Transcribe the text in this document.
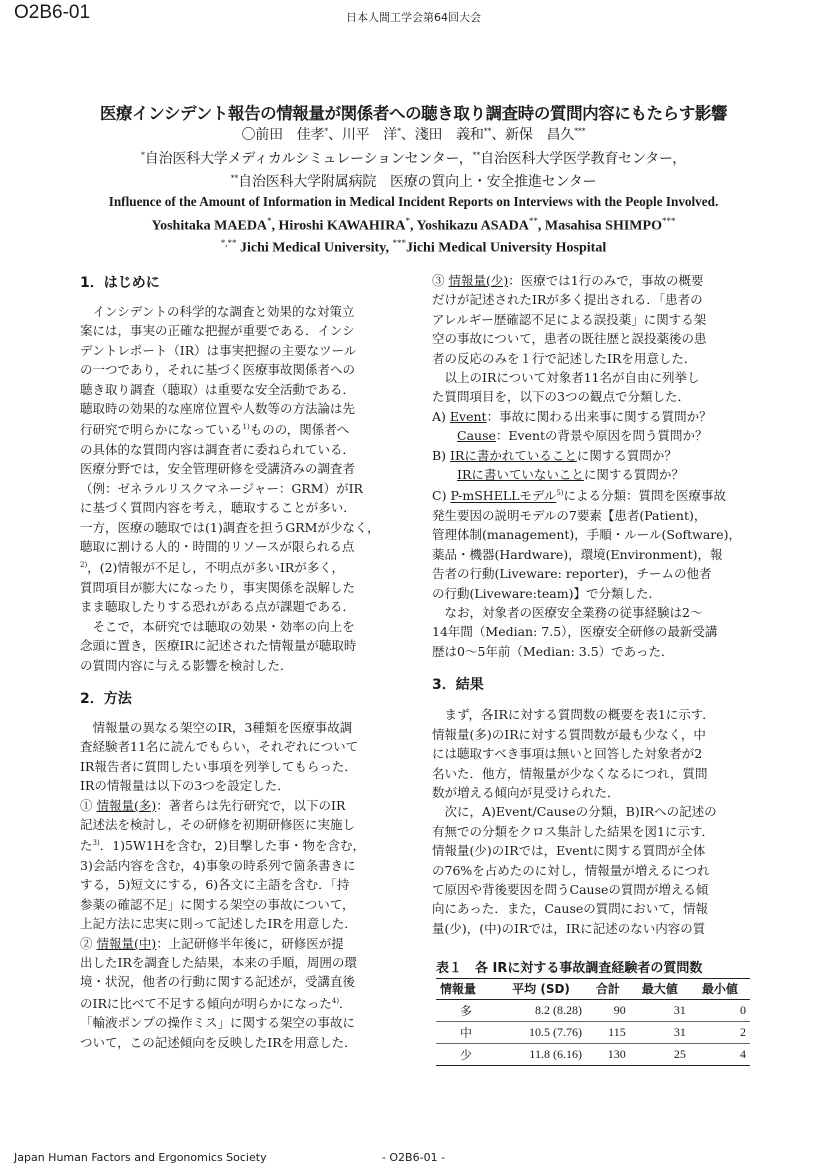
O2B6-01	日本人間工学会第64回大会
医療インシデント報告の情報量が関係者への聴き取り調査時の質問内容にもたらす影響
〇前田　佳孝*、川平　洋*、淺田　義和**、新保　昌久***
*自治医科大学メディカルシミュレーションセンター，**自治医科大学医学教育センター，
**自治医科大学附属病院　医療の質向上・安全推進センター
Influence of the Amount of Information in Medical Incident Reports on Interviews with the People Involved.
Yoshitaka MAEDA*, Hiroshi KAWAHIRA*, Yoshikazu ASADA**, Masahisa SHIMPO***
*,** Jichi Medical University, ***Jichi Medical University Hospital

1．はじめに

インシデントの科学的な調査と効果的な対策立

案には，事実の正確な把握が重要である．インシ

デントレポート（IR）は事実把握の主要なツール

の一つであり，それに基づく医療事故関係者への

聴き取り調査（聴取）は重要な安全活動である．

聴取時の効果的な座席位置や人数等の方法論は先

行研究で明らかになっている$^{1)}$ものの，関係者へ

の具体的な質問内容は調査者に委ねられている．

医療分野では，安全管理研修を受講済みの調査者

（例：ゼネラルリスクマネージャー：GRM）がIR

に基づく質問内容を考え，聴取することが多い．

一方，医療の聴取では(1)調査を担うGRMが少なく，

聴取に割ける人的・時間的リソースが限られる点

$^{2)}$，(2)情報が不足し，不明点が多いIRが多く，

質問項目が膨大になったり，事実関係を誤解した

まま聴取したりする恐れがある点が課題である．

そこで，本研究では聴取の効果・効率の向上を

念頭に置き，医療IRに記述された情報量が聴取時

の質問内容に与える影響を検討した．

2．方法

情報量の異なる架空のIR，3種類を医療事故調

査経験者11名に読んでもらい，それぞれについて

IR報告者に質問したい事項を列挙してもらった．

IRの情報量は以下の3つを設定した．

① 情報量(多)：著者らは先行研究で，以下のIR

記述法を検討し，その研修を初期研修医に実施し

た$^{3)}$．1)5W1Hを含む，2)目撃した事・物を含む，

3)会話内容を含む，4)事象の時系列で箇条書きに

する，5)短文にする，6)各文に主語を含む．「持

参薬の確認不足」に関する架空の事故について，

上記方法に忠実に則って記述したIRを用意した．

② 情報量(中)：上記研修半年後に，研修医が提

出したIRを調査した結果，本来の手順，周囲の環

境・状況，他者の行動に関する記述が，受講直後

のIRに比べて不足する傾向が明らかになった$^{4)}$．

「輸液ポンプの操作ミス」に関する架空の事故に

ついて，この記述傾向を反映したIRを用意した．

③ 情報量(少)：医療では1行のみで，事故の概要

だけが記述されたIRが多く提出される．「患者の

アレルギー歴確認不足による誤投薬」に関する架

空の事故について，患者の既往歴と誤投薬後の患

者の反応のみを１行で記述したIRを用意した．

以上のIRについて対象者11名が自由に列挙し

た質問項目を，以下の3つの観点で分類した．

A) Event：事故に関わる出来事に関する質問か？

Cause：Eventの背景や原因を問う質問か？

B) IRに書かれていることに関する質問か？

IRに書いていないことに関する質問か？

C) P-mSHELLモデル$^{5)}$による分類：質問を医療事故

発生要因の説明モデルの7要素【患者(Patient)，

管理体制(management)，手順・ルール(Software)，

薬品・機器(Hardware)，環境(Environment)，報

告者の行動(Liveware: reporter)，チームの他者

の行動(Liveware:team)】で分類した．

なお，対象者の医療安全業務の従事経験は2〜

14年間（Median: 7.5），医療安全研修の最新受講

歴は0〜5年前（Median: 3.5）であった．

3．結果

まず，各IRに対する質問数の概要を表1に示す．

情報量(多)のIRに対する質問数が最も少なく，中

には聴取すべき事項は無いと回答した対象者が2

名いた．他方，情報量が少なくなるにつれ，質問

数が増える傾向が見受けられた．

次に，A)Event/Causeの分類，B)IRへの記述の

有無での分類をクロス集計した結果を図1に示す．

情報量(少)のIRでは，Eventに関する質問が全体

の76%を占めたのに対し，情報量が増えるにつれ

て原因や背後要因を問うCauseの質問が増える傾

向にあった．また，Causeの質問において，情報

量(少)，(中)のIRでは，IRに記述のない内容の質

表１　各 IRに対する事故調査経験者の質問数
情報量	平均 (SD)	合計	最大値	最小値
多	8.2 (8.28)	90	31	0
中	10.5 (7.76)	115	31	2
少	11.8 (6.16)	130	25	4
Japan Human Factors and Ergonomics Society	- O2B6-01 -
